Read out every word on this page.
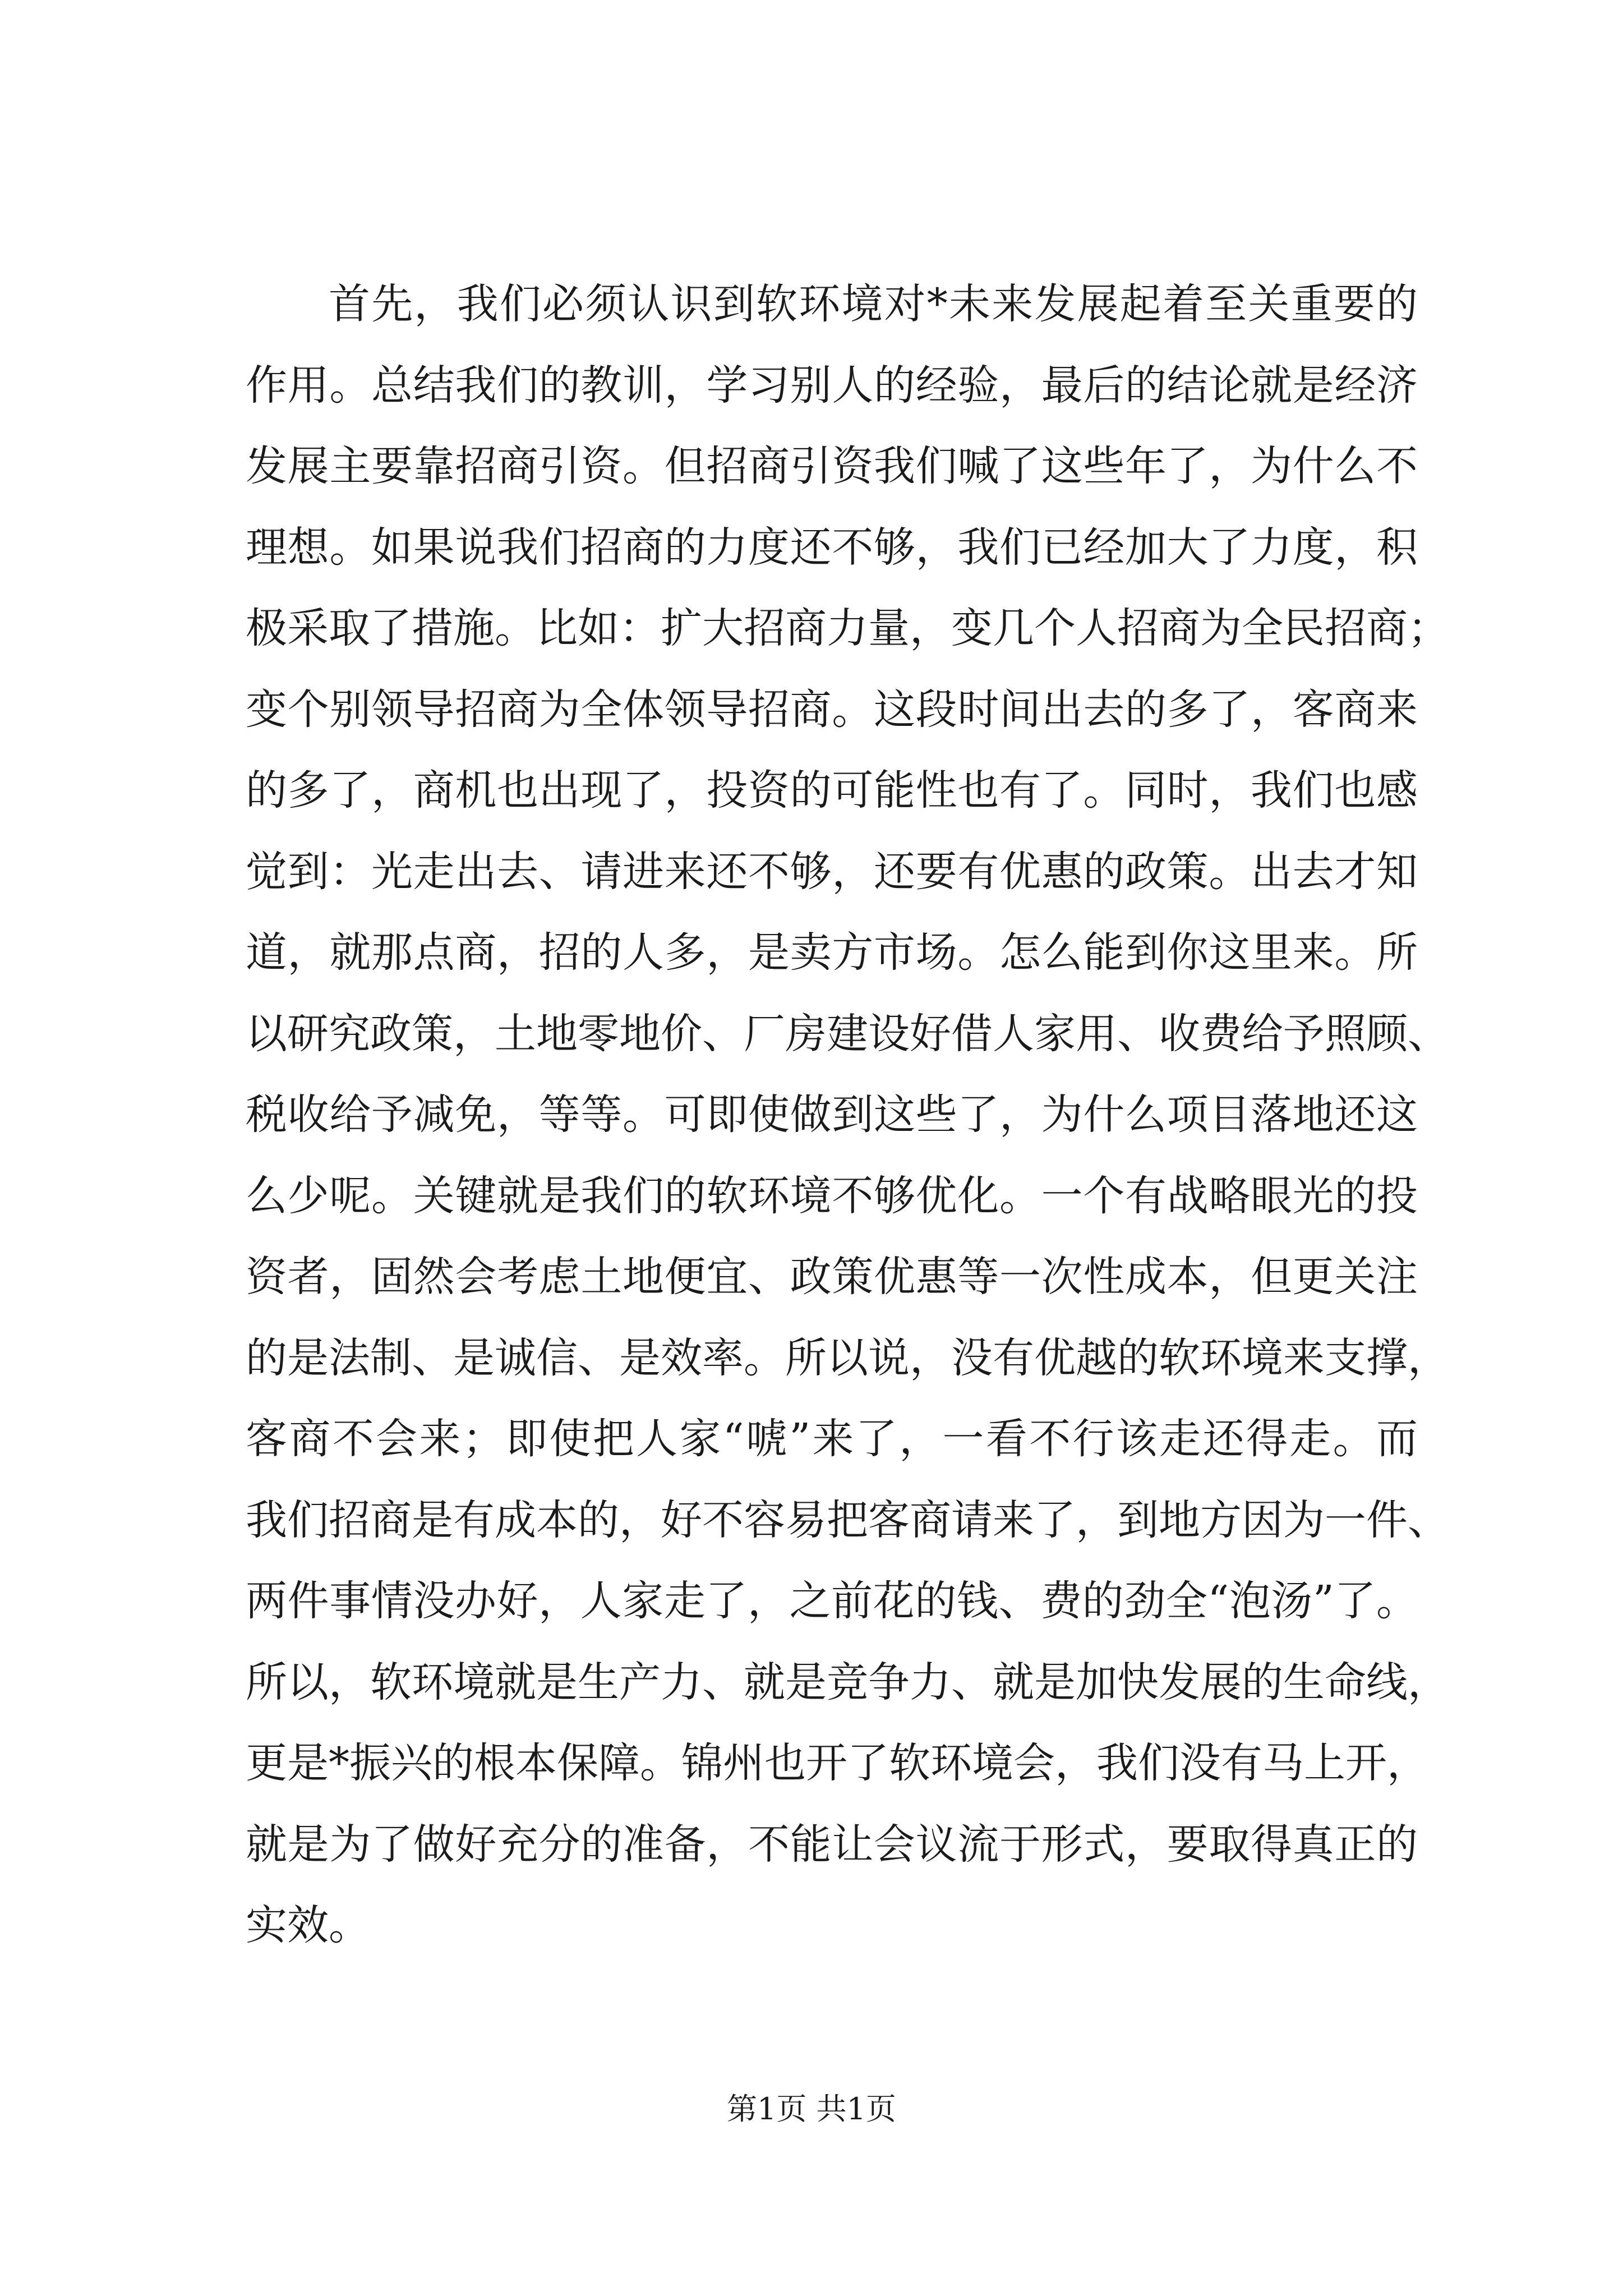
首先，我们必须认识到软环境对*未来发展起着至关重要的
作用。总结我们的教训，学习别人的经验，最后的结论就是经济
发展主要靠招商引资。但招商引资我们喊了这些年了，为什么不
理想。如果说我们招商的力度还不够，我们已经加大了力度，积
极采取了措施。比如：扩大招商力量，变几个人招商为全民招商；
变个别领导招商为全体领导招商。这段时间出去的多了，客商来
的多了，商机也出现了，投资的可能性也有了。同时，我们也感
觉到：光走出去、请进来还不够，还要有优惠的政策。出去才知
道，就那点商，招的人多，是卖方市场。怎么能到你这里来。所
以研究政策，土地零地价、厂房建设好借人家用、收费给予照顾、
税收给予减免，等等。可即使做到这些了，为什么项目落地还这
么少呢。关键就是我们的软环境不够优化。一个有战略眼光的投
资者，固然会考虑土地便宜、政策优惠等一次性成本，但更关注
的是法制、是诚信、是效率。所以说，没有优越的软环境来支撑，
客商不会来；即使把人家“唬”来了，一看不行该走还得走。而
我们招商是有成本的，好不容易把客商请来了，到地方因为一件、
两件事情没办好，人家走了，之前花的钱、费的劲全“泡汤”了。
所以，软环境就是生产力、就是竞争力、就是加快发展的生命线，
更是*振兴的根本保障。锦州也开了软环境会，我们没有马上开，
就是为了做好充分的准备，不能让会议流于形式，要取得真正的
实效。
第1页 共1页
